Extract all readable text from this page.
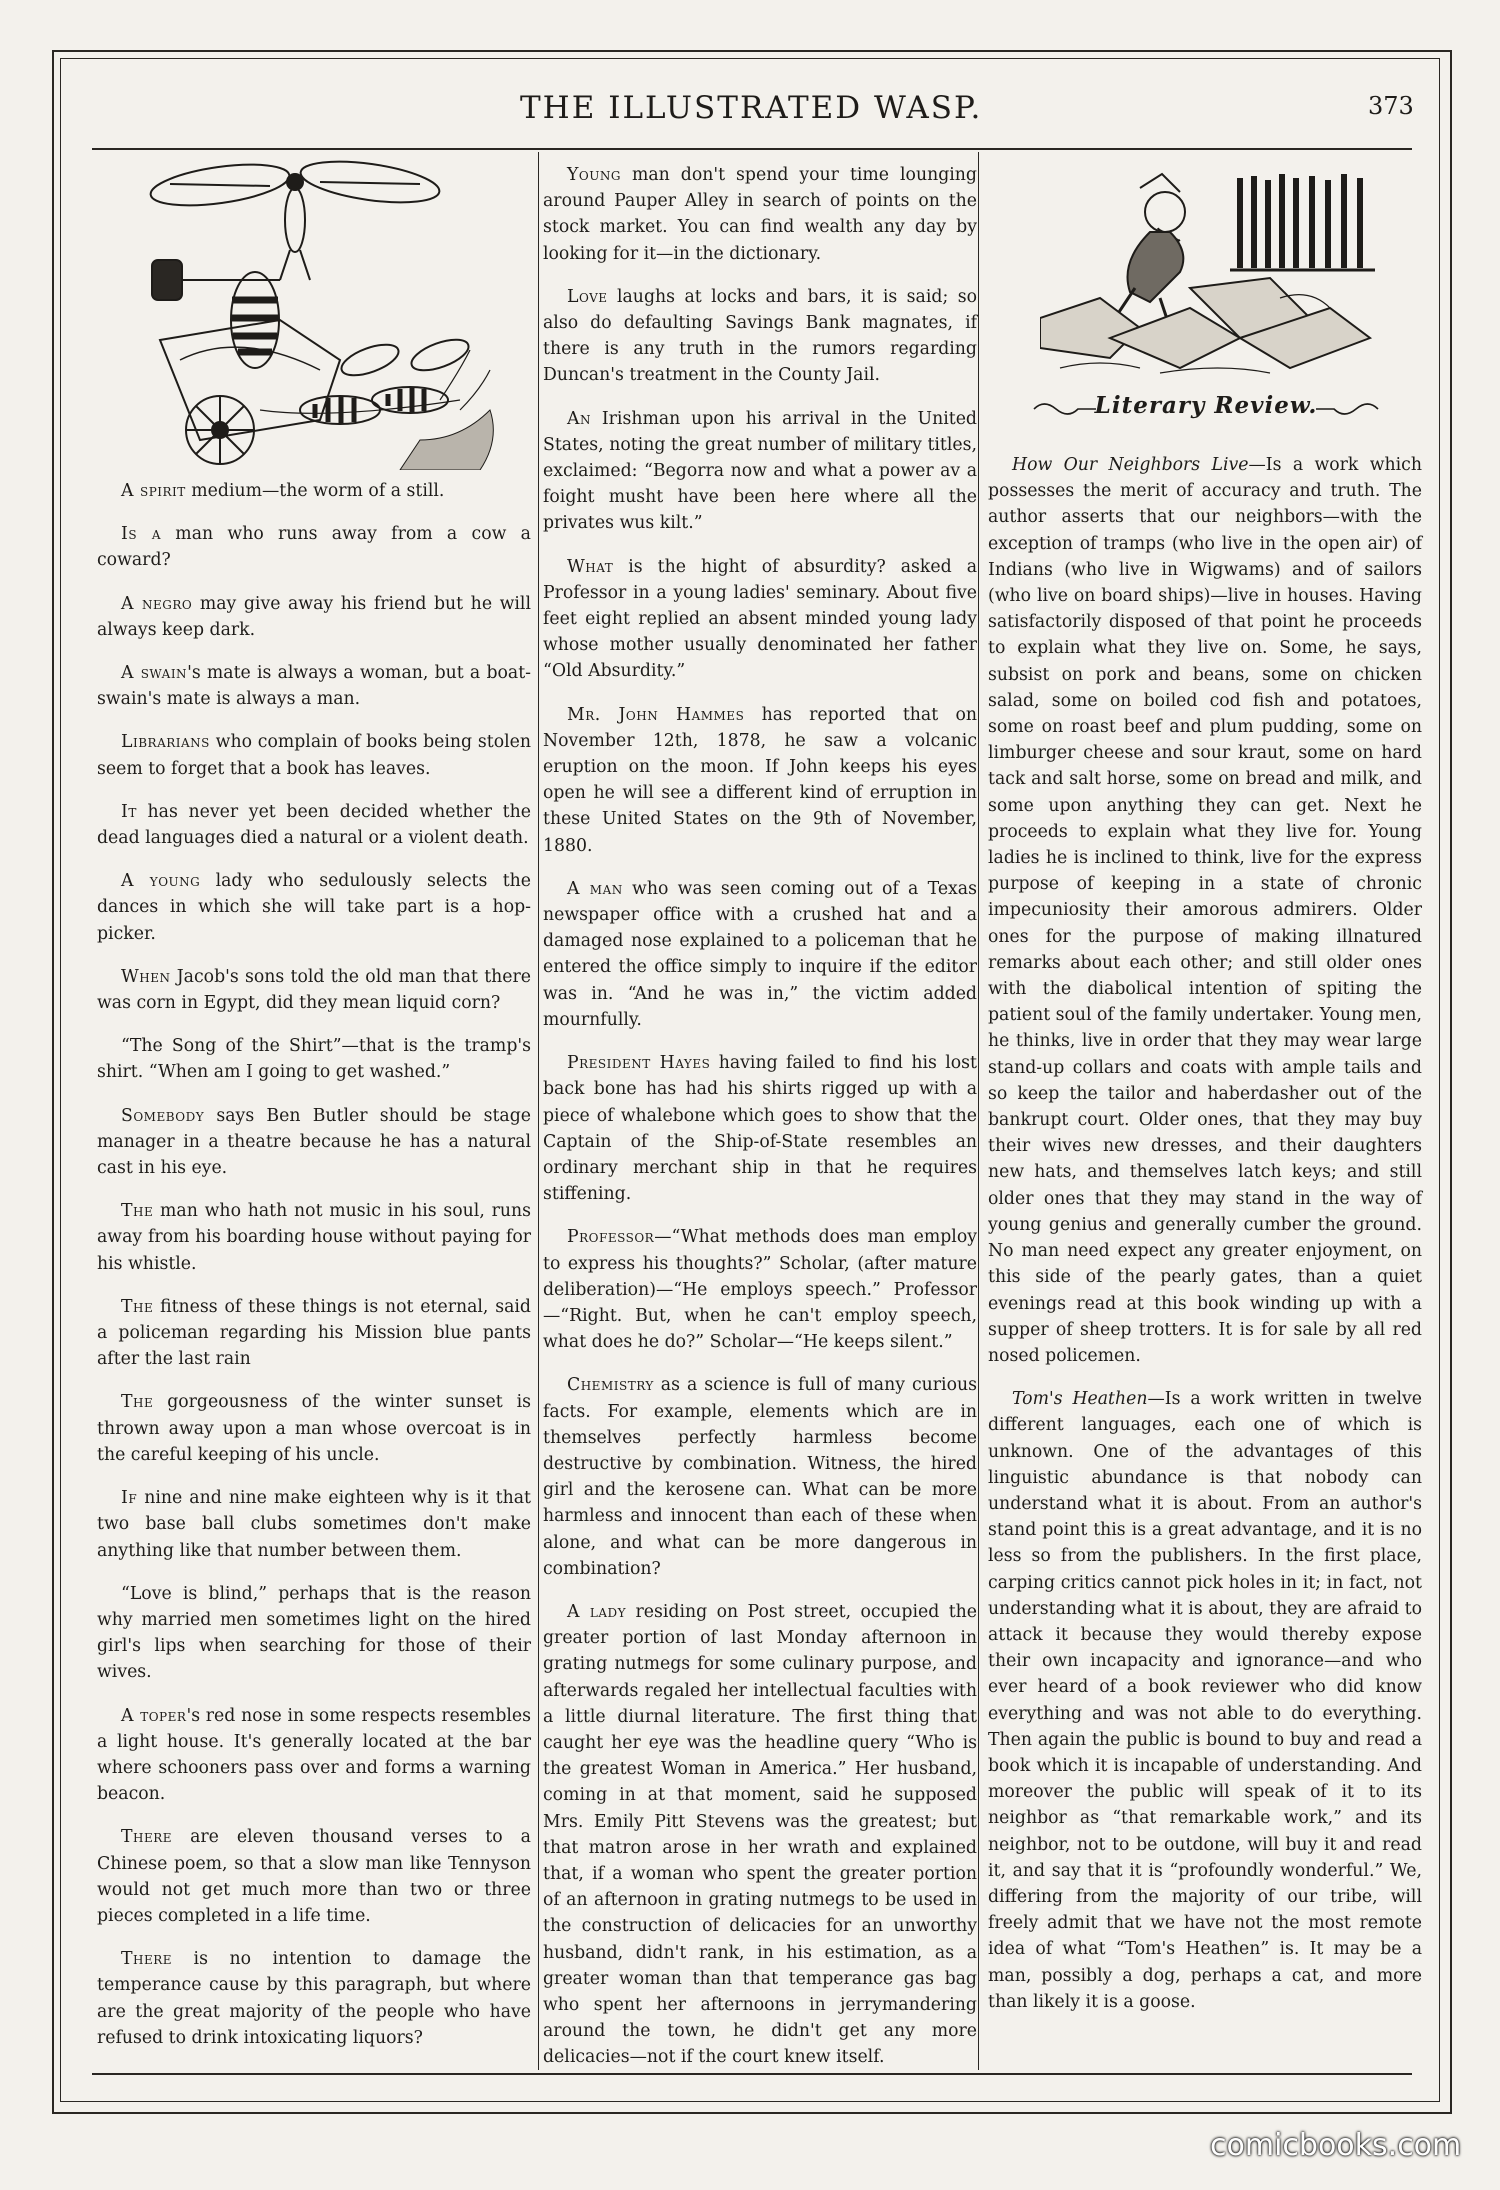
THE ILLUSTRATED WASP.	373

A spirit medium—the worm of a still.

Is a man who runs away from a cow a coward?

A negro may give away his friend but he will always keep dark.

A swain's mate is always a woman, but a boat-swain's mate is always a man.

Librarians who complain of books being stolen seem to forget that a book has leaves.

It has never yet been decided whether the dead languages died a natural or a violent death.

A young lady who sedulously selects the dances in which she will take part is a hop-picker.

When Jacob's sons told the old man that there was corn in Egypt, did they mean liquid corn?

“The Song of the Shirt”—that is the tramp's shirt. “When am I going to get washed.”

Somebody says Ben Butler should be stage manager in a theatre because he has a natural cast in his eye.

The man who hath not music in his soul, runs away from his boarding house without paying for his whistle.

The fitness of these things is not eternal, said a policeman regarding his Mission blue pants after the last rain

The gorgeousness of the winter sunset is thrown away upon a man whose overcoat is in the careful keeping of his uncle.

If nine and nine make eighteen why is it that two base ball clubs sometimes don't make anything like that number between them.

“Love is blind,” perhaps that is the reason why married men sometimes light on the hired girl's lips when searching for those of their wives.

A toper's red nose in some respects resembles a light house. It's generally located at the bar where schooners pass over and forms a warning beacon.

There are eleven thousand verses to a Chinese poem, so that a slow man like Tennyson would not get much more than two or three pieces completed in a life time.

There is no intention to damage the temperance cause by this paragraph, but where are the great majority of the people who have refused to drink intoxicating liquors?

Young man don't spend your time lounging around Pauper Alley in search of points on the stock market. You can find wealth any day by looking for it—in the dictionary.

Love laughs at locks and bars, it is said; so also do defaulting Savings Bank magnates, if there is any truth in the rumors regarding Duncan's treatment in the County Jail.

An Irishman upon his arrival in the United States, noting the great number of military titles, exclaimed: “Begorra now and what a power av a foight musht have been here where all the privates wus kilt.”

What is the hight of absurdity? asked a Professor in a young ladies' seminary. About five feet eight replied an absent minded young lady whose mother usually denominated her father “Old Absurdity.”

Mr. John Hammes has reported that on November 12th, 1878, he saw a volcanic eruption on the moon. If John keeps his eyes open he will see a different kind of erruption in these United States on the 9th of November, 1880.

A man who was seen coming out of a Texas newspaper office with a crushed hat and a damaged nose explained to a policeman that he entered the office simply to inquire if the editor was in. “And he was in,” the victim added mournfully.

President Hayes having failed to find his lost back bone has had his shirts rigged up with a piece of whalebone which goes to show that the Captain of the Ship-of-State resembles an ordinary merchant ship in that he requires stiffening.

Professor—“What methods does man employ to express his thoughts?” Scholar, (after mature deliberation)—“He employs speech.” Professor—“Right. But, when he can't employ speech, what does he do?” Scholar—“He keeps silent.”

Chemistry as a science is full of many curious facts. For example, elements which are in themselves perfectly harmless become destructive by combination. Witness, the hired girl and the kerosene can. What can be more harmless and innocent than each of these when alone, and what can be more dangerous in combination?

A lady residing on Post street, occupied the greater portion of last Monday afternoon in grating nutmegs for some culinary purpose, and afterwards regaled her intellectual faculties with a little diurnal literature. The first thing that caught her eye was the headline query “Who is the greatest Woman in America.” Her husband, coming in at that moment, said he supposed Mrs. Emily Pitt Stevens was the greatest; but that matron arose in her wrath and explained that, if a woman who spent the greater portion of an afternoon in grating nutmegs to be used in the construction of delicacies for an unworthy husband, didn't rank, in his estimation, as a greater woman than that temperance gas bag who spent her afternoons in jerrymandering around the town, he didn't get any more delicacies—not if the court knew itself.

Literary Review.

How Our Neighbors Live—Is a work which possesses the merit of accuracy and truth. The author asserts that our neighbors—with the exception of tramps (who live in the open air) of Indians (who live in Wigwams) and of sailors (who live on board ships)—live in houses. Having satisfactorily disposed of that point he proceeds to explain what they live on. Some, he says, subsist on pork and beans, some on chicken salad, some on boiled cod fish and potatoes, some on roast beef and plum pudding, some on limburger cheese and sour kraut, some on hard tack and salt horse, some on bread and milk, and some upon anything they can get. Next he proceeds to explain what they live for. Young ladies he is inclined to think, live for the express purpose of keeping in a state of chronic impecuniosity their amorous admirers. Older ones for the purpose of making illnatured remarks about each other; and still older ones with the diabolical intention of spiting the patient soul of the family undertaker. Young men, he thinks, live in order that they may wear large stand-up collars and coats with ample tails and so keep the tailor and haberdasher out of the bankrupt court. Older ones, that they may buy their wives new dresses, and their daughters new hats, and themselves latch keys; and still older ones that they may stand in the way of young genius and generally cumber the ground. No man need expect any greater enjoyment, on this side of the pearly gates, than a quiet evenings read at this book winding up with a supper of sheep trotters. It is for sale by all red nosed policemen.

Tom's Heathen—Is a work written in twelve different languages, each one of which is unknown. One of the advantages of this linguistic abundance is that nobody can understand what it is about. From an author's stand point this is a great advantage, and it is no less so from the publishers. In the first place, carping critics cannot pick holes in it; in fact, not understanding what it is about, they are afraid to attack it because they would thereby expose their own incapacity and ignorance—and who ever heard of a book reviewer who did know everything and was not able to do everything. Then again the public is bound to buy and read a book which it is incapable of understanding. And moreover the public will speak of it to its neighbor as “that remarkable work,” and its neighbor, not to be outdone, will buy it and read it, and say that it is “profoundly wonderful.” We, differing from the majority of our tribe, will freely admit that we have not the most remote idea of what “Tom's Heathen” is. It may be a man, possibly a dog, perhaps a cat, and more than likely it is a goose.

comicbooks.com
